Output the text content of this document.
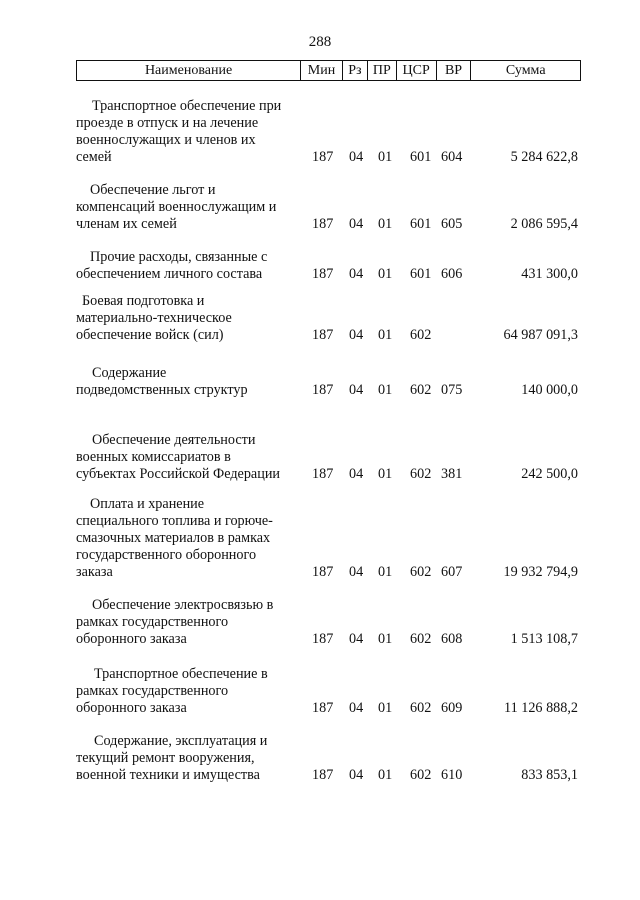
288
Наименование	Мин Рз ПР ЦСР	ВР	Сумма
Транспортное обеспечение при
проезде в отпуск и на лечение
военнослужащих и членов их
семей	187 04 01 601 604	5 284 622,8
Обеспечение льгот и
компенсаций военнослужащим и
членам их семей	187 04 01 601 605	2 086 595,4
Прочие расходы, связанные с
обеспечением личного состава	187 04 01 601 606	431 300,0
Боевая подготовка и
материально-техническое
обеспечение войск (сил)	187 04 01 602	64 987 091,3
Содержание
подведомственных структур	187 04 01 602 075	140 000,0
Обеспечение деятельности
военных комиссариатов в
субъектах Российской Федерации	187 04 01 602 381	242 500,0
Оплата и хранение
специального топлива и горюче-
смазочных материалов в рамках
государственного оборонного
заказа	187 04 01 602 607	19 932 794,9
Обеспечение электросвязью в
рамках государственного
оборонного заказа	187 04 01 602 608	1 513 108,7
Транспортное обеспечение в
рамках государственного
оборонного заказа	187 04 01 602 609	11 126 888,2
Содержание, эксплуатация и
текущий ремонт вооружения,
военной техники и имущества	187 04 01 602 610	833 853,1
